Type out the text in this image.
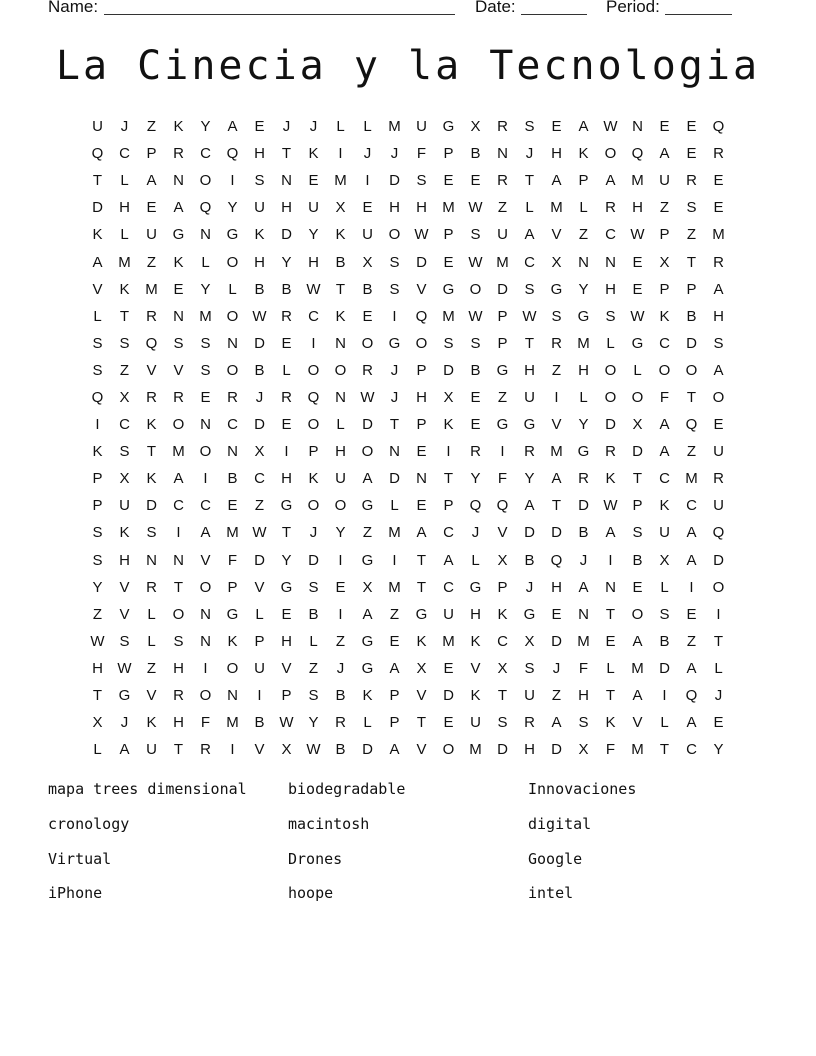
Name:	Date:	Period:
La Cinecia y la Tecnologia
U	J	Z	K	Y	A	E	J	J	L	L	M	U	G	X	R	S	E	A W N	E	E	Q
Q	C	P	R	C	Q	H	T	K	I	J	J	F	P	B	N	J	H	K	O	Q	A	E	R
T	L	A	N	O	I	S	N	E	M	I	D	S	E	E	R	T	A	P	A	M	U	R	E
D	H	E	A	Q	Y	U	H	U	X	E	H	H	M W	Z	L	M	L	R	H	Z	S	E
K	L	U	G	N	G	K	D	Y	K	U	O W P	S	U	A	V	Z	C W P	Z	M
A	M	Z	K	L	O	H	Y	H	B	X	S	D	E W M	C	X	N	N	E	X	T	R
V	K	M	E	Y	L	B	B W	T	B	S	V	G	O	D	S	G	Y	H	E	P	P	A
L	T	R	N	M O W R	C	K	E	I	Q M W P W S	G	S W K	B	H
S	S	Q	S	S	N	D	E	I	N	O	G	O	S	S	P	T	R	M	L	G	C	D	S
S	Z	V	V	S	O	B	L	O	O	R	J	P	D	B	G	H	Z	H	O	L	O	O	A
Q	X	R	R	E	R	J	R	Q	N W	J	H	X	E	Z	U	I	L	O	O	F	T	O
I	C	K	O	N	C	D	E	O	L	D	T	P	K	E	G	G	V	Y	D	X	A	Q	E
K	S	T	M O	N	X	I	P	H	O	N	E	I	R	I	R	M G	R	D	A	Z	U
P	X	K	A	I	B	C	H	K	U	A	D	N	T	Y	F	Y	A	R	K	T	C	M	R
P	U	D	C	C	E	Z	G	O	O	G	L	E	P	Q	Q	A	T	D W P	K	C	U
S	K	S	I	A	M W	T	J	Y	Z	M	A	C	J	V	D	D	B	A	S	U	A	Q
S	H	N	N	V	F	D	Y	D	I	G	I	T	A	L	X	B	Q	J	I	B	X	A	D
Y	V	R	T	O	P	V	G	S	E	X	M	T	C	G	P	J	H	A	N	E	L	I	O
Z	V	L	O	N	G	L	E	B	I	A	Z	G	U	H	K	G	E	N	T	O	S	E	I
W S	L	S	N	K	P	H	L	Z	G	E	K	M	K	C	X	D	M	E	A	B	Z	T
H W	Z	H	I	O	U	V	Z	J	G	A	X	E	V	X	S	J	F	L	M	D	A	L
T	G	V	R	O	N	I	P	S	B	K	P	V	D	K	T	U	Z	H	T	A	I	Q	J
X	J	K	H	F	M	B W Y	R	L	P	T	E	U	S	R	A	S	K	V	L	A	E
L	A	U	T	R	I	V	X W B	D	A	V	O M	D	H	D	X	F	M	T	C	Y
mapa trees dimensional	biodegradable	Innovaciones
cronology	macintosh	digital
Virtual	Drones	Google
iPhone	hoope	intel
